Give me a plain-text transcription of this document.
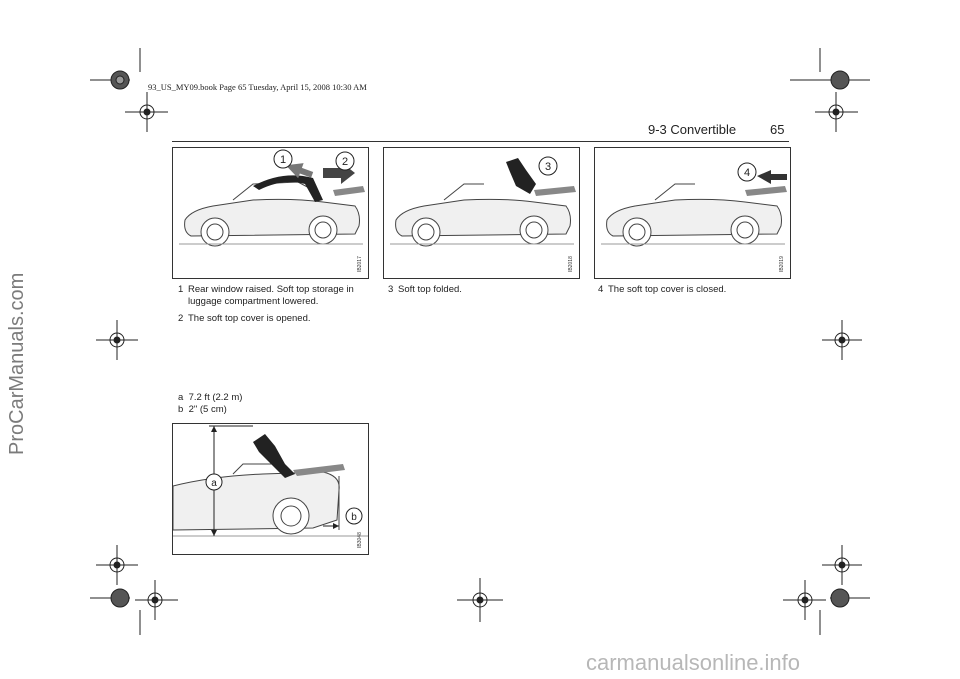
93_US_MY09.book Page 65 Tuesday, April 15, 2008 10:30 AM
9-3 Convertible	65
1	2
IB2017
3
IB2018
4
IB2019
1 Rear window raised. Soft top storage in luggage compartment lowered.
2 The soft top cover is opened.
3 Soft top folded.	4 The soft top cover is closed.
a 7.2 ft (2.2 m)
b 2" (5 cm)
a
b
IB3048
ProCarManuals.com
carmanualsonline.info
